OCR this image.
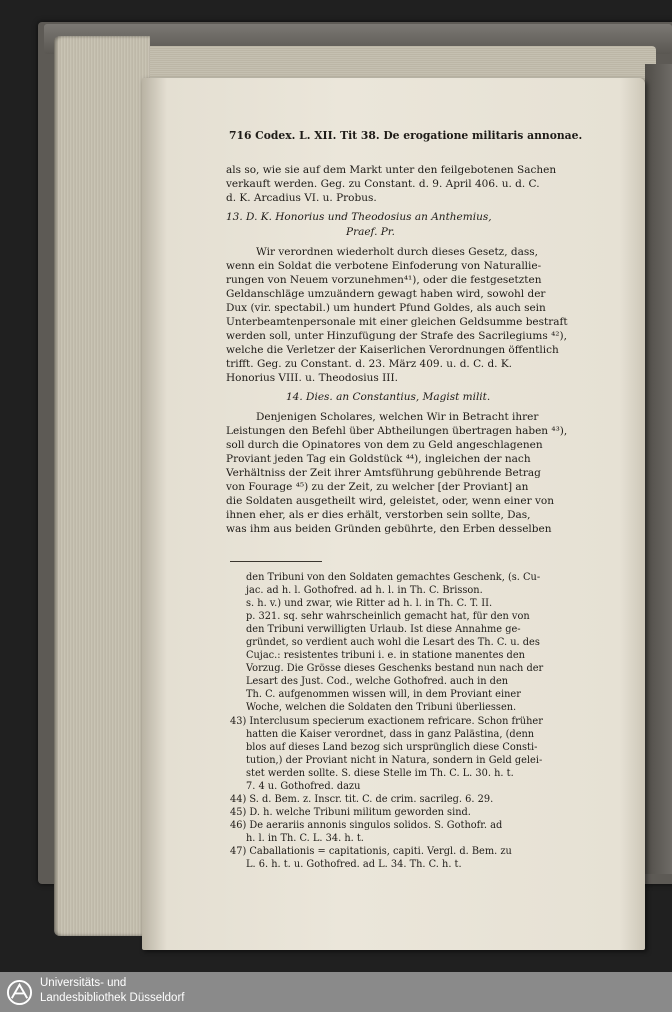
716 Codex. L. XII. Tit 38. De erogatione militaris annonae.
als so, wie sie auf dem Markt unter den feilgebotenen Sachen
verkauft werden. Geg. zu Constant. d. 9. April 406. u. d. C.
d. K. Arcadius VI. u. Probus.
13. D. K. Honorius und Theodosius an Anthemius,
Praef. Pr.
Wir verordnen wiederholt durch dieses Gesetz, dass,
wenn ein Soldat die verbotene Einfoderung von Naturallie-
rungen von Neuem vorzunehmen⁴¹), oder die festgesetzten
Geldanschläge umzuändern gewagt haben wird, sowohl der
Dux (vir. spectabil.) um hundert Pfund Goldes, als auch sein
Unterbeamtenpersonale mit einer gleichen Geldsumme bestraft
werden soll, unter Hinzufügung der Strafe des Sacrilegiums ⁴²),
welche die Verletzer der Kaiserlichen Verordnungen öffentlich
trifft. Geg. zu Constant. d. 23. März 409. u. d. C. d. K.
Honorius VIII. u. Theodosius III.
14. Dies. an Constantius, Magist milit.
Denjenigen Scholares, welchen Wir in Betracht ihrer
Leistungen den Befehl über Abtheilungen übertragen haben ⁴³),
soll durch die Opinatores von dem zu Geld angeschlagenen
Proviant jeden Tag ein Goldstück ⁴⁴), ingleichen der nach
Verhältniss der Zeit ihrer Amtsführung gebührende Betrag
von Fourage ⁴⁵) zu der Zeit, zu welcher [der Proviant] an
die Soldaten ausgetheilt wird, geleistet, oder, wenn einer von
ihnen eher, als er dies erhält, verstorben sein sollte, Das,
was ihm aus beiden Gründen gebührte, den Erben desselben
den Tribuni von den Soldaten gemachtes Geschenk, (s. Cu-
jac. ad h. l. Gothofred. ad h. l. in Th. C. Brisson.
s. h. v.) und zwar, wie Ritter ad h. l. in Th. C. T. II.
p. 321. sq. sehr wahrscheinlich gemacht hat, für den von
den Tribuni verwilligten Urlaub. Ist diese Annahme ge-
gründet, so verdient auch wohl die Lesart des Th. C. u. des
Cujac.: resistentes tribuni i. e. in statione manentes den
Vorzug. Die Grösse dieses Geschenks bestand nun nach der
Lesart des Just. Cod., welche Gothofred. auch in den
Th. C. aufgenommen wissen will, in dem Proviant einer
Woche, welchen die Soldaten den Tribuni überliessen.
43) Interclusum specierum exactionem refricare. Schon früher
hatten die Kaiser verordnet, dass in ganz Palästina, (denn
blos auf dieses Land bezog sich ursprünglich diese Consti-
tution,) der Proviant nicht in Natura, sondern in Geld gelei-
stet werden sollte. S. diese Stelle im Th. C. L. 30. h. t.
7. 4 u. Gothofred. dazu
44) S. d. Bem. z. Inscr. tit. C. de crim. sacrileg. 6. 29.
45) D. h. welche Tribuni militum geworden sind.
46) De aerariis annonis singulos solidos. S. Gothofr. ad
h. l. in Th. C. L. 34. h. t.
47) Caballationis = capitationis, capiti. Vergl. d. Bem. zu
L. 6. h. t. u. Gothofred. ad L. 34. Th. C. h. t.
Universitäts- und
Landesbibliothek Düsseldorf
